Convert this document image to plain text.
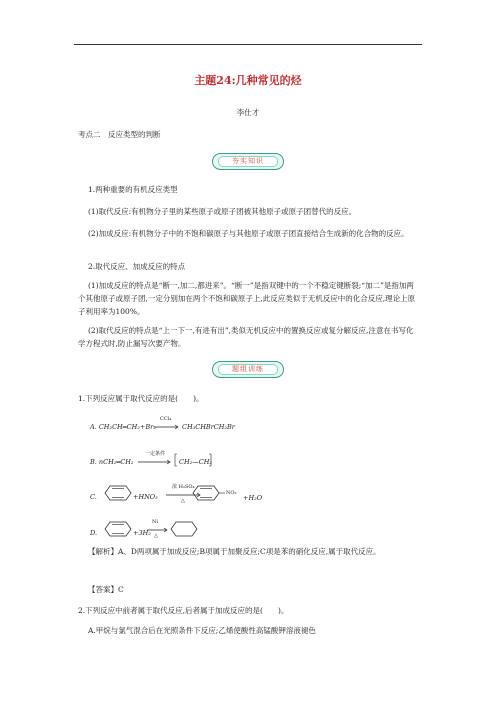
主题24:几种常见的烃
李仕才
考点二　反应类型的判断
夯实知识
1.两种重要的有机反应类型
(1)取代反应:有机物分子里的某些原子或原子团被其他原子或原子团替代的反应。
(2)加成反应:有机物分子中的不饱和碳原子与其他原子或原子团直接结合生成新的化合物的反应。
2.取代反应、加成反应的特点
(1)加成反应的特点是“断一,加二,都进来”。“断一”是指双键中的一个不稳定键断裂;“加二”是指加两个其他原子或原子团,一定分别加在两个不饱和碳原子上,此反应类似于无机反应中的化合反应,理论上原子利用率为100%。
(2)取代反应的特点是“上一下一,有进有出”,类似无机反应中的置换反应或复分解反应,注意在书写化学方程式时,防止漏写次要产物。
题组训练
1.下列反应属于取代反应的是(　　)。
A. CH₂CH═CH₂+Br₂
CCl₄
CH₃CHBrCH₂Br
B. nCH₂═CH₂
一定条件
CH₂—CH₂
C.	+HNO₃
浓 H₂SO₄
△
NO₂
+H₂O
D.	+3H₂
Ni
△
【解析】A、D两项属于加成反应;B项属于加聚反应;C项是苯的硝化反应,属于取代反应。
【答案】C
2.下列反应中前者属于取代反应,后者属于加成反应的是(　　)。
A.甲烷与氯气混合后在光照条件下反应;乙烯使酸性高锰酸钾溶液褪色
